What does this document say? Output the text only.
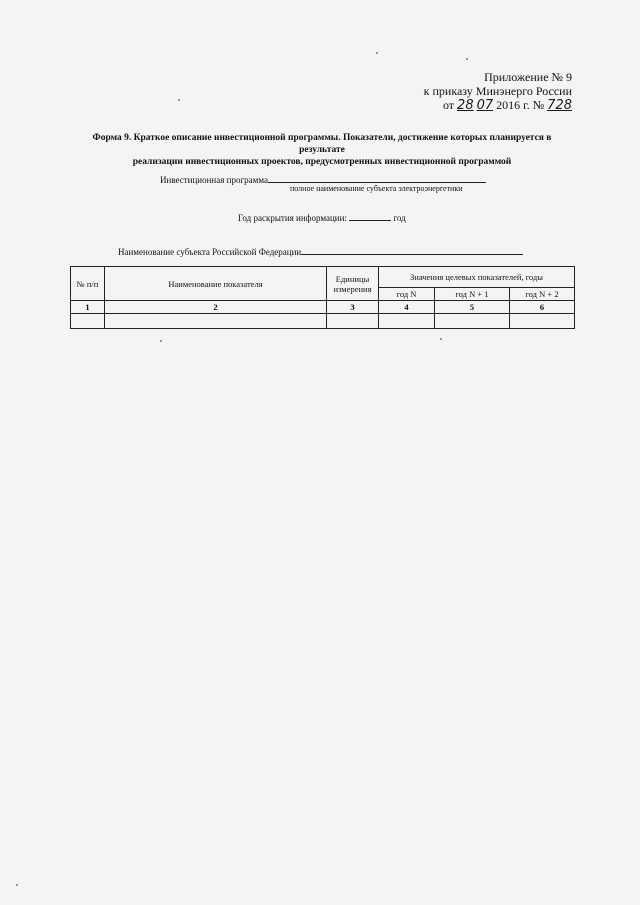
Приложение № 9
к приказу Минэнерго России
от 28 07 2016 г. № 728
Форма 9. Краткое описание инвестиционной программы. Показатели, достижение которых планируется в результате
реализации инвестиционных проектов, предусмотренных инвестиционной программой
Инвестиционная программа
полное наименование субъекта электроэнергетики
Год раскрытия информации:	год
Наименование субъекта Российской Федерации
№ п/п	Наименование показателя	Единицы измерения	Значения целевых показателей, годы		
			год N	год N + 1	год N + 2
1	2	3	4	5	6
